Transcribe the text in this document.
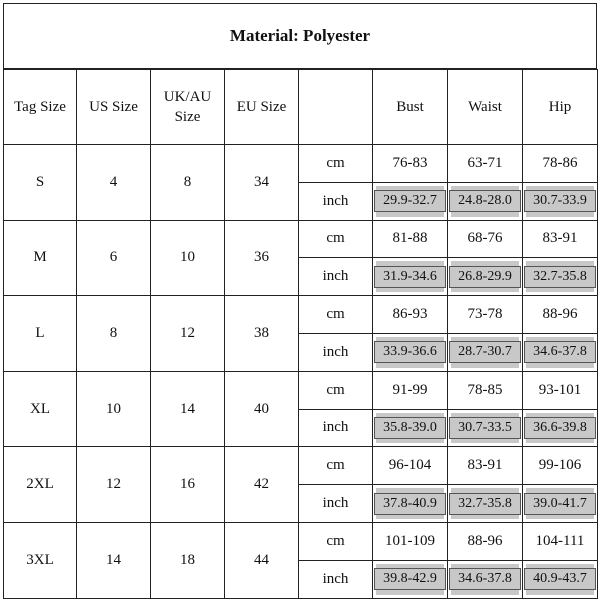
Material: Polyester
Tag Size	US Size	UK/AU Size	EU Size		Bust	Waist	Hip
S	4	8	34	cm	76-83	63-71	78-86
				inch	29.9-32.7	24.8-28.0	30.7-33.9
M	6	10	36	cm	81-88	68-76	83-91
				inch	31.9-34.6	26.8-29.9	32.7-35.8
L	8	12	38	cm	86-93	73-78	88-96
				inch	33.9-36.6	28.7-30.7	34.6-37.8
XL	10	14	40	cm	91-99	78-85	93-101
				inch	35.8-39.0	30.7-33.5	36.6-39.8
2XL	12	16	42	cm	96-104	83-91	99-106
				inch	37.8-40.9	32.7-35.8	39.0-41.7
3XL	14	18	44	cm	101-109	88-96	104-111
				inch	39.8-42.9	34.6-37.8	40.9-43.7
